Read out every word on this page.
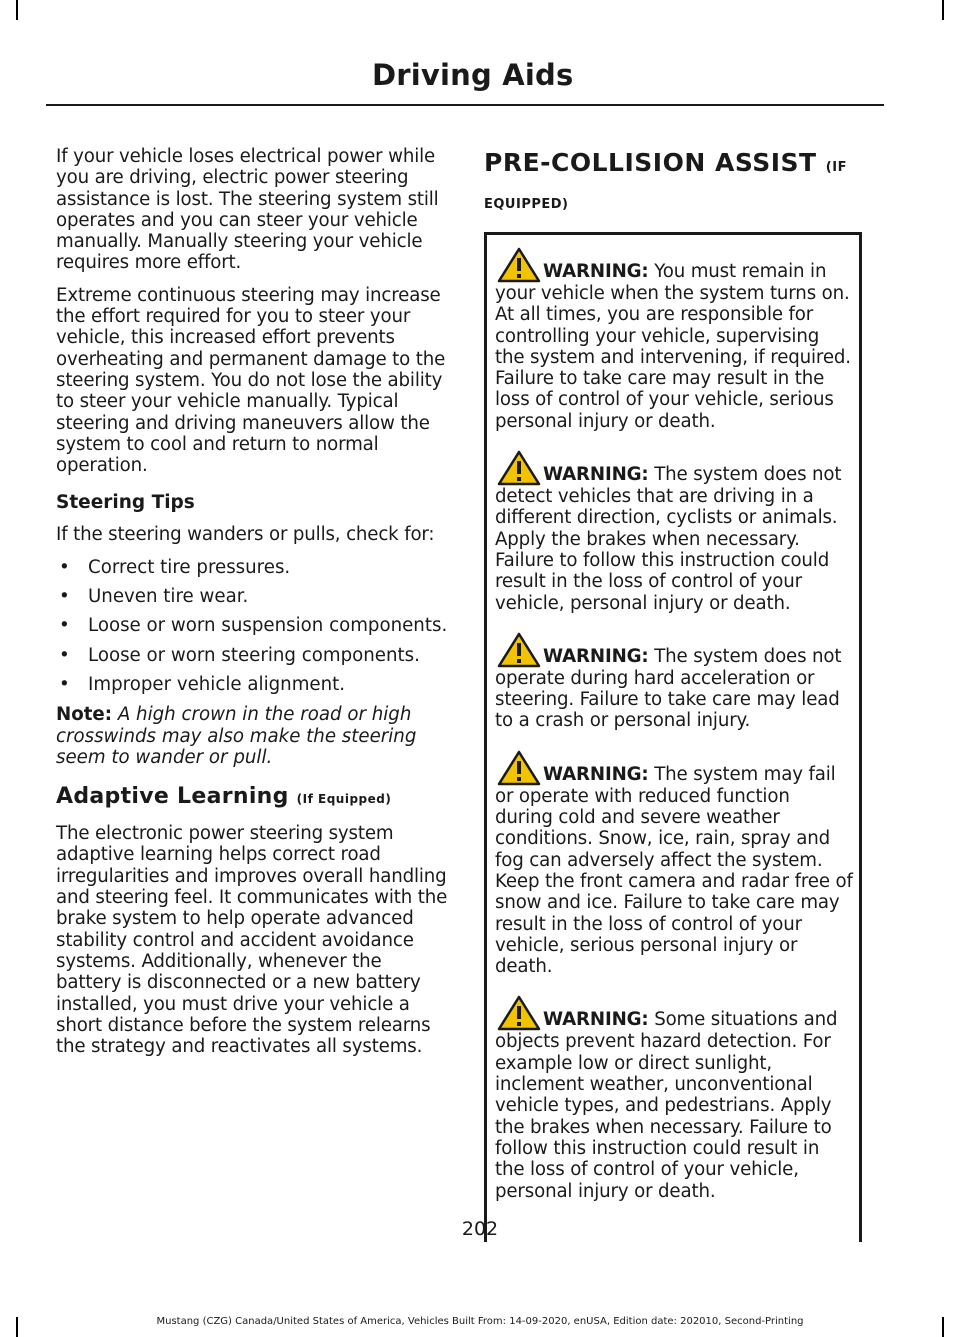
Driving Aids

If your vehicle loses electrical power while you are driving, electric power steering assistance is lost. The steering system still operates and you can steer your vehicle manually. Manually steering your vehicle requires more effort.

Extreme continuous steering may increase the effort required for you to steer your vehicle, this increased effort prevents overheating and permanent damage to the steering system. You do not lose the ability to steer your vehicle manually. Typical steering and driving maneuvers allow the system to cool and return to normal operation.

Steering Tips

If the steering wanders or pulls, check for:

• Correct tire pressures.
• Uneven tire wear.
• Loose or worn suspension components.
• Loose or worn steering components.
• Improper vehicle alignment.

Note: A high crown in the road or high crosswinds may also make the steering seem to wander or pull.

Adaptive Learning (If Equipped)

The electronic power steering system adaptive learning helps correct road irregularities and improves overall handling and steering feel. It communicates with the brake system to help operate advanced stability control and accident avoidance systems. Additionally, whenever the battery is disconnected or a new battery installed, you must drive your vehicle a short distance before the system relearns the strategy and reactivates all systems.

PRE-COLLISION ASSIST (IF
EQUIPPED)

WARNING: You must remain in your vehicle when the system turns on. At all times, you are responsible for controlling your vehicle, supervising the system and intervening, if required. Failure to take care may result in the loss of control of your vehicle, serious personal injury or death.

WARNING: The system does not detect vehicles that are driving in a different direction, cyclists or animals. Apply the brakes when necessary. Failure to follow this instruction could result in the loss of control of your vehicle, personal injury or death.

WARNING: The system does not operate during hard acceleration or steering. Failure to take care may lead to a crash or personal injury.

WARNING: The system may fail or operate with reduced function during cold and severe weather conditions. Snow, ice, rain, spray and fog can adversely affect the system. Keep the front camera and radar free of snow and ice. Failure to take care may result in the loss of control of your vehicle, serious personal injury or death.

WARNING: Some situations and objects prevent hazard detection. For example low or direct sunlight, inclement weather, unconventional vehicle types, and pedestrians. Apply the brakes when necessary. Failure to follow this instruction could result in the loss of control of your vehicle, personal injury or death.

202
Mustang (CZG) Canada/United States of America, Vehicles Built From: 14-09-2020, enUSA, Edition date: 202010, Second-Printing
